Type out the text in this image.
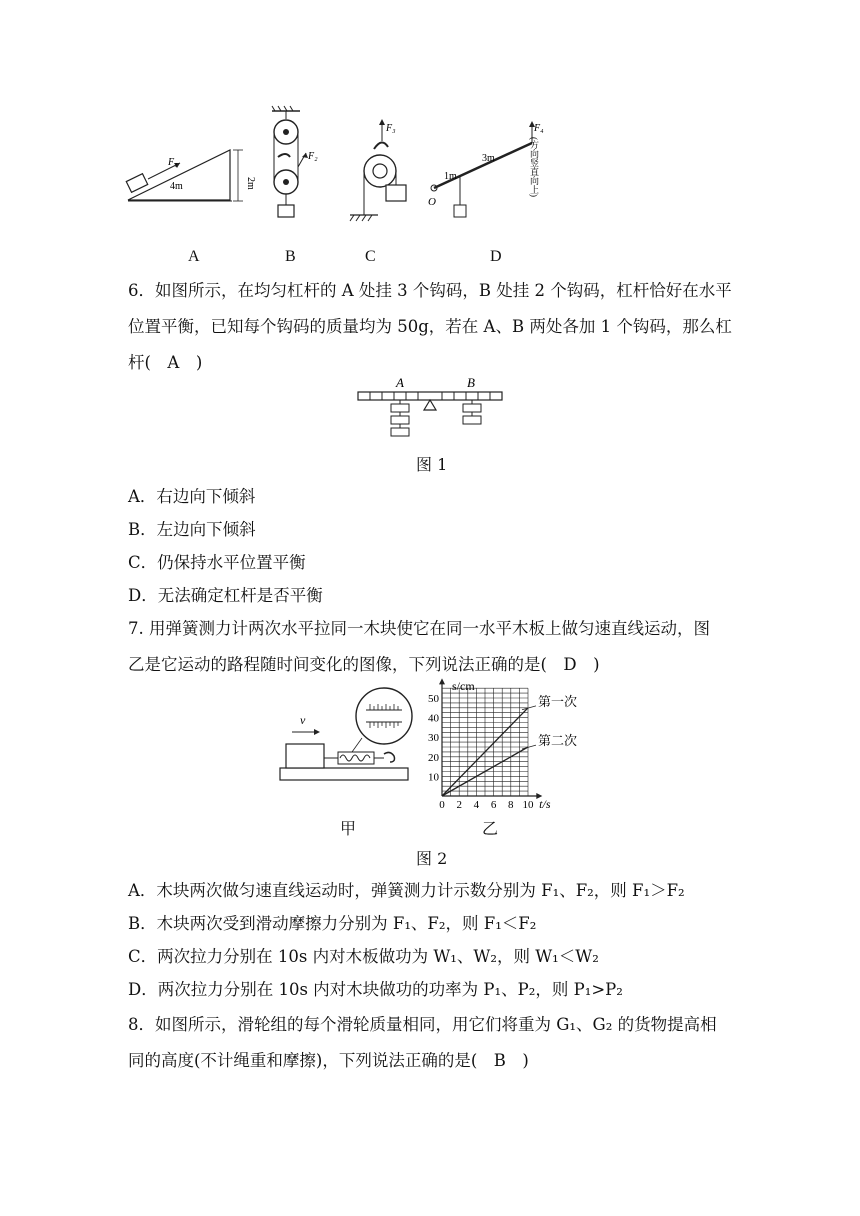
F₁
4m	2m
F₂
F₃
O
1m
3m
F₄
(方向竖直向上)
A	B	C	D
6．如图所示，在均匀杠杆的 A 处挂 3 个钩码，B 处挂 2 个钩码，杠杆恰好在水平
位置平衡，已知每个钩码的质量均为 50g，若在 A、B 两处各加 1 个钩码，那么杠
杆(　A　)
A	B
图 1
A．右边向下倾斜
B．左边向下倾斜
C．仍保持水平位置平衡
D．无法确定杠杆是否平衡
7. 用弹簧测力计两次水平拉同一木块使它在同一水平木板上做匀速直线运动，图
乙是它运动的路程随时间变化的图像，下列说法正确的是(　D　)
v
甲
0 2 4 6 8 10
10
20
30
40
50
t/s
s/cm
第一次
第二次
乙
图 2
A．木块两次做匀速直线运动时，弹簧测力计示数分别为 F₁、F₂，则 F₁＞F₂
B．木块两次受到滑动摩擦力分别为 F₁、F₂，则 F₁＜F₂
C．两次拉力分别在 10s 内对木板做功为 W₁、W₂，则 W₁＜W₂
D．两次拉力分别在 10s 内对木块做功的功率为 P₁、P₂，则 P₁>P₂
8．如图所示，滑轮组的每个滑轮质量相同，用它们将重为 G₁、G₂ 的货物提高相
同的高度(不计绳重和摩擦)，下列说法正确的是(　B　)
